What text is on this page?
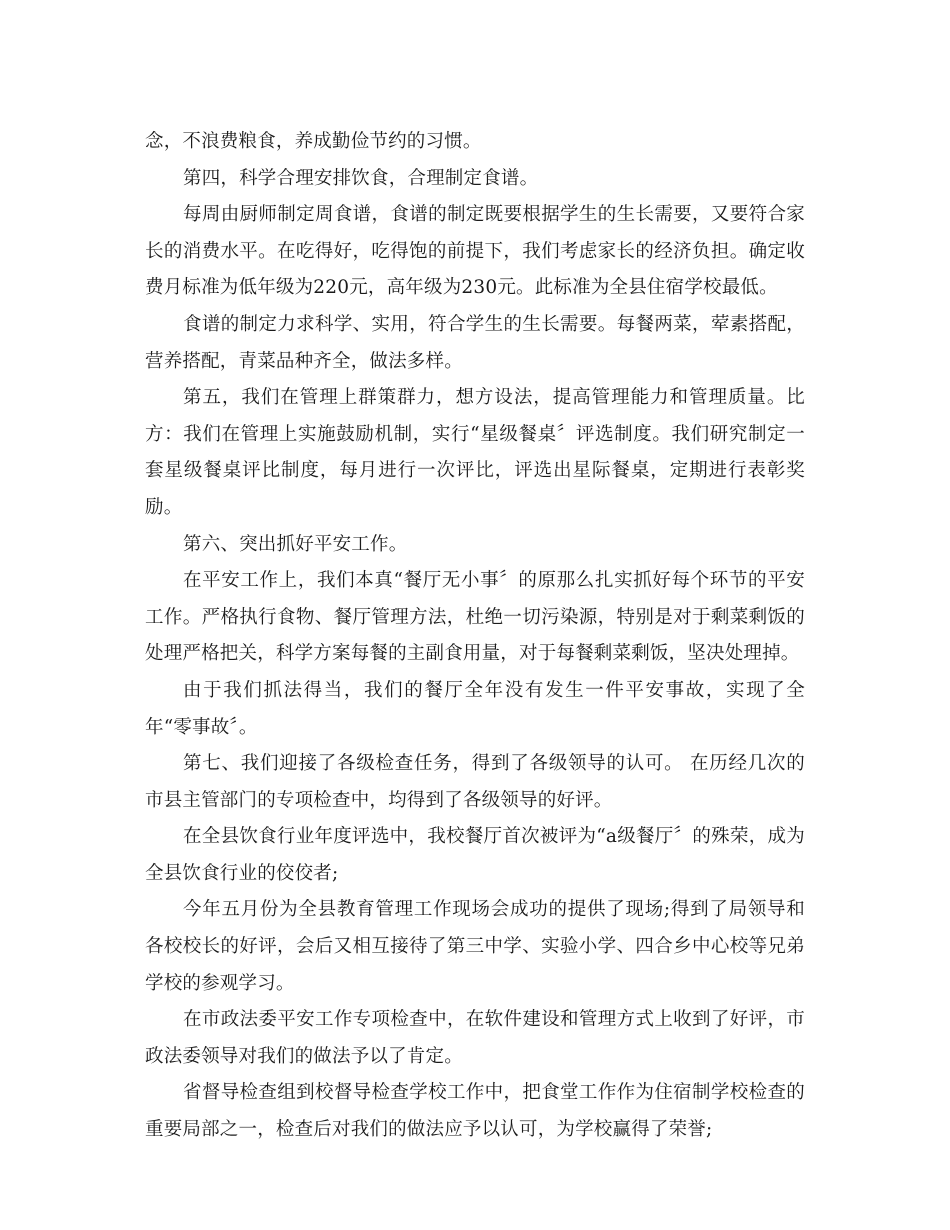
念，不浪费粮食，养成勤俭节约的习惯。

第四，科学合理安排饮食，合理制定食谱。

每周由厨师制定周食谱，食谱的制定既要根据学生的生长需要，又要符合家长的消费水平。在吃得好，吃得饱的前提下，我们考虑家长的经济负担。确定收费月标准为低年级为220元，高年级为230元。此标准为全县住宿学校最低。

食谱的制定力求科学、实用，符合学生的生长需要。每餐两菜，荤素搭配，营养搭配，青菜品种齐全，做法多样。

第五，我们在管理上群策群力，想方设法，提高管理能力和管理质量。比方：我们在管理上实施鼓励机制，实行“星级餐桌〞评选制度。我们研究制定一套星级餐桌评比制度，每月进行一次评比，评选出星际餐桌，定期进行表彰奖励。

第六、突出抓好平安工作。

在平安工作上，我们本真“餐厅无小事〞的原那么扎实抓好每个环节的平安工作。严格执行食物、餐厅管理方法，杜绝一切污染源，特别是对于剩菜剩饭的处理严格把关，科学方案每餐的主副食用量，对于每餐剩菜剩饭，坚决处理掉。

由于我们抓法得当，我们的餐厅全年没有发生一件平安事故，实现了全年“零事故〞。

第七、我们迎接了各级检查任务，得到了各级领导的认可。 在历经几次的市县主管部门的专项检查中，均得到了各级领导的好评。

在全县饮食行业年度评选中，我校餐厅首次被评为“a级餐厅〞的殊荣，成为全县饮食行业的佼佼者;

今年五月份为全县教育管理工作现场会成功的提供了现场;得到了局领导和各校校长的好评，会后又相互接待了第三中学、实验小学、四合乡中心校等兄弟学校的参观学习。

在市政法委平安工作专项检查中，在软件建设和管理方式上收到了好评，市政法委领导对我们的做法予以了肯定。

省督导检查组到校督导检查学校工作中，把食堂工作作为住宿制学校检查的重要局部之一，检查后对我们的做法应予以认可，为学校赢得了荣誉;
